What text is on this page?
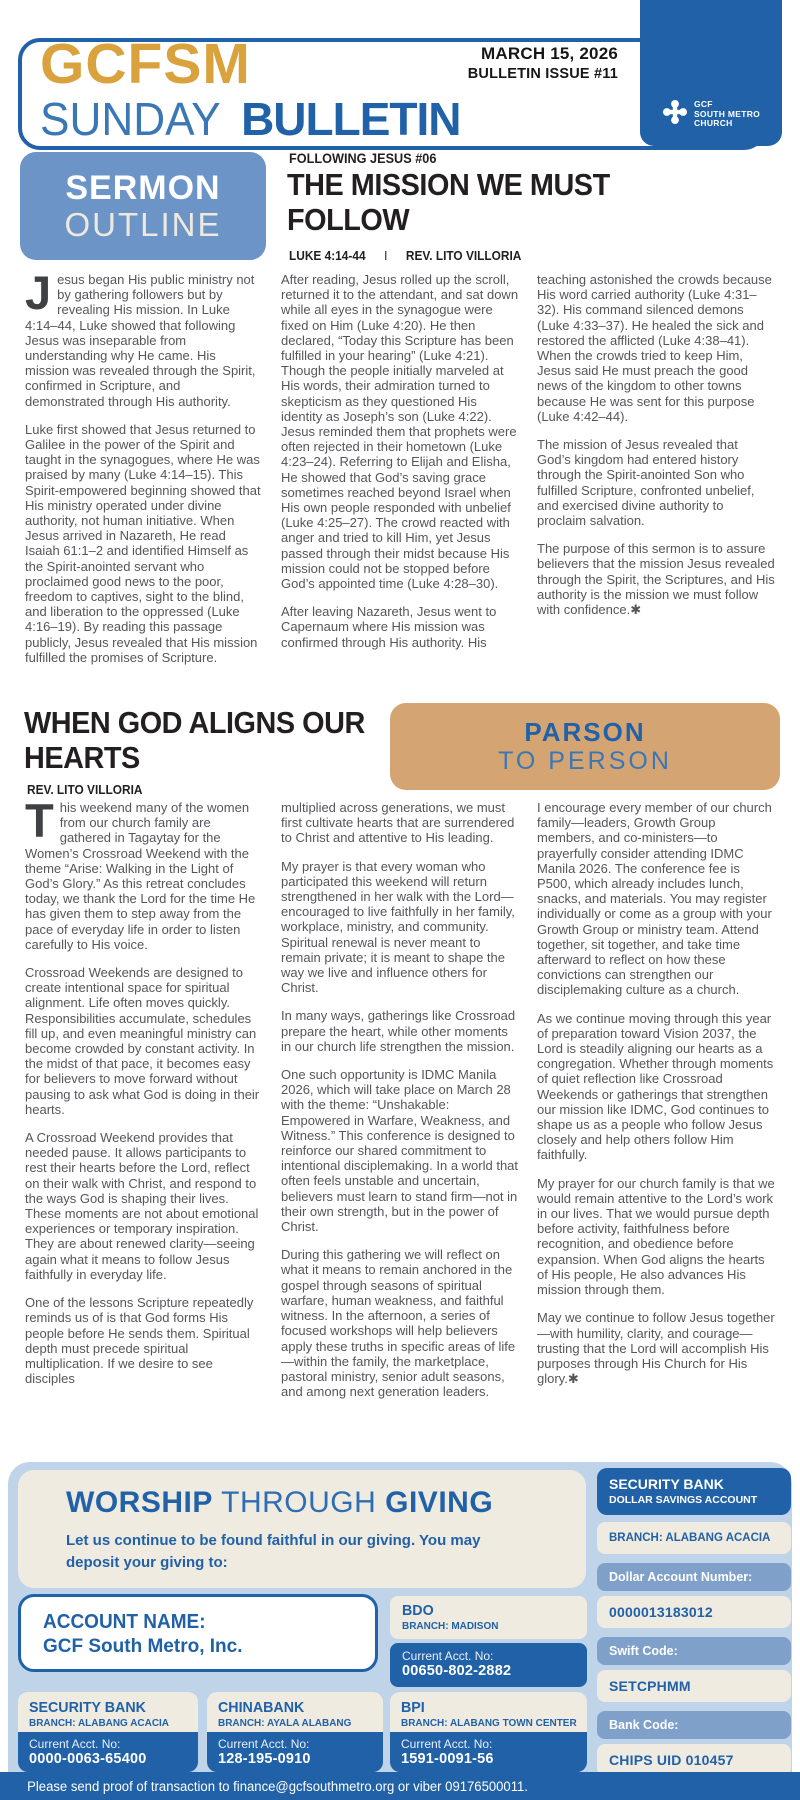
GCFSM
SUNDAY BULLETIN
MARCH 15, 2026
BULLETIN ISSUE #11
GCF
SOUTH METRO
CHURCH
SERMON
OUTLINE
FOLLOWING JESUS #06
THE MISSION WE MUST FOLLOW
LUKE 4:14-44 I REV. LITO VILLORIA

Jesus began His public ministry not by gathering followers but by revealing His mission. In Luke 4:14–44, Luke showed that following Jesus was inseparable from understanding why He came. His mission was revealed through the Spirit, confirmed in Scripture, and demonstrated through His authority.

Luke first showed that Jesus returned to Galilee in the power of the Spirit and taught in the synagogues, where He was praised by many (Luke 4:14–15). This Spirit-empowered beginning showed that His ministry operated under divine authority, not human initiative. When Jesus arrived in Nazareth, He read Isaiah 61:1–2 and identified Himself as the Spirit-anointed servant who proclaimed good news to the poor, freedom to captives, sight to the blind, and liberation to the oppressed (Luke 4:16–19). By reading this passage publicly, Jesus revealed that His mission fulfilled the promises of Scripture.

After reading, Jesus rolled up the scroll, returned it to the attendant, and sat down while all eyes in the synagogue were fixed on Him (Luke 4:20). He then declared, “Today this Scripture has been fulfilled in your hearing” (Luke 4:21). Though the people initially marveled at His words, their admiration turned to skepticism as they questioned His identity as Joseph’s son (Luke 4:22). Jesus reminded them that prophets were often rejected in their hometown (Luke 4:23–24). Referring to Elijah and Elisha, He showed that God’s saving grace sometimes reached beyond Israel when His own people responded with unbelief (Luke 4:25–27). The crowd reacted with anger and tried to kill Him, yet Jesus passed through their midst because His mission could not be stopped before God’s appointed time (Luke 4:28–30).

After leaving Nazareth, Jesus went to Capernaum where His mission was confirmed through His authority. His

teaching astonished the crowds because His word carried authority (Luke 4:31–32). His command silenced demons (Luke 4:33–37). He healed the sick and restored the afflicted (Luke 4:38–41). When the crowds tried to keep Him, Jesus said He must preach the good news of the kingdom to other towns because He was sent for this purpose (Luke 4:42–44).

The mission of Jesus revealed that God’s kingdom had entered history through the Spirit-anointed Son who fulfilled Scripture, confronted unbelief, and exercised divine authority to proclaim salvation.

The purpose of this sermon is to assure believers that the mission Jesus revealed through the Spirit, the Scriptures, and His authority is the mission we must follow with confidence.✱

WHEN GOD ALIGNS OUR HEARTS
REV. LITO VILLORIA
PARSON
TO PERSON

This weekend many of the women from our church family are gathered in Tagaytay for the Women’s Crossroad Weekend with the theme “Arise: Walking in the Light of God’s Glory.” As this retreat concludes today, we thank the Lord for the time He has given them to step away from the pace of everyday life in order to listen carefully to His voice.

Crossroad Weekends are designed to create intentional space for spiritual alignment. Life often moves quickly. Responsibilities accumulate, schedules fill up, and even meaningful ministry can become crowded by constant activity. In the midst of that pace, it becomes easy for believers to move forward without pausing to ask what God is doing in their hearts.

A Crossroad Weekend provides that needed pause. It allows participants to rest their hearts before the Lord, reflect on their walk with Christ, and respond to the ways God is shaping their lives. These moments are not about emotional experiences or temporary inspiration. They are about renewed clarity—seeing again what it means to follow Jesus faithfully in everyday life.

One of the lessons Scripture repeatedly reminds us of is that God forms His people before He sends them. Spiritual depth must precede spiritual multiplication. If we desire to see disciples

multiplied across generations, we must first cultivate hearts that are surrendered to Christ and attentive to His leading.

My prayer is that every woman who participated this weekend will return strengthened in her walk with the Lord—encouraged to live faithfully in her family, workplace, ministry, and community. Spiritual renewal is never meant to remain private; it is meant to shape the way we live and influence others for Christ.

In many ways, gatherings like Crossroad prepare the heart, while other moments in our church life strengthen the mission.

One such opportunity is IDMC Manila 2026, which will take place on March 28 with the theme: “Unshakable: Empowered in Warfare, Weakness, and Witness.” This conference is designed to reinforce our shared commitment to intentional disciplemaking. In a world that often feels unstable and uncertain, believers must learn to stand firm—not in their own strength, but in the power of Christ.

During this gathering we will reflect on what it means to remain anchored in the gospel through seasons of spiritual warfare, human weakness, and faithful witness. In the afternoon, a series of focused workshops will help believers apply these truths in specific areas of life—within the family, the marketplace, pastoral ministry, senior adult seasons, and among next generation leaders.

I encourage every member of our church family—leaders, Growth Group members, and co-ministers—to prayerfully consider attending IDMC Manila 2026. The conference fee is P500, which already includes lunch, snacks, and materials. You may register individually or come as a group with your Growth Group or ministry team. Attend together, sit together, and take time afterward to reflect on how these convictions can strengthen our disciplemaking culture as a church.

As we continue moving through this year of preparation toward Vision 2037, the Lord is steadily aligning our hearts as a congregation. Whether through moments of quiet reflection like Crossroad Weekends or gatherings that strengthen our mission like IDMC, God continues to shape us as a people who follow Jesus closely and help others follow Him faithfully.

My prayer for our church family is that we would remain attentive to the Lord’s work in our lives. That we would pursue depth before activity, faithfulness before recognition, and obedience before expansion. When God aligns the hearts of His people, He also advances His mission through them.

May we continue to follow Jesus together—with humility, clarity, and courage—trusting that the Lord will accomplish His purposes through His Church for His glory.✱

WORSHIP THROUGH GIVING
Let us continue to be found faithful in our giving. You may deposit your giving to:
ACCOUNT NAME:
GCF South Metro, Inc.
BDO
BRANCH: MADISON
Current Acct. No:
00650-802-2882
SECURITY BANK
BRANCH: ALABANG ACACIA
Current Acct. No:
0000-0063-65400
CHINABANK
BRANCH: AYALA ALABANG
Current Acct. No:
128-195-0910
BPI
BRANCH: ALABANG TOWN CENTER
Current Acct. No:
1591-0091-56
SECURITY BANK
DOLLAR SAVINGS ACCOUNT
BRANCH: ALABANG ACACIA
Dollar Account Number:
0000013183012
Swift Code:
SETCPHMM
Bank Code:
CHIPS UID 010457
Please send proof of transaction to finance@gcfsouthmetro.org or viber 09176500011.
